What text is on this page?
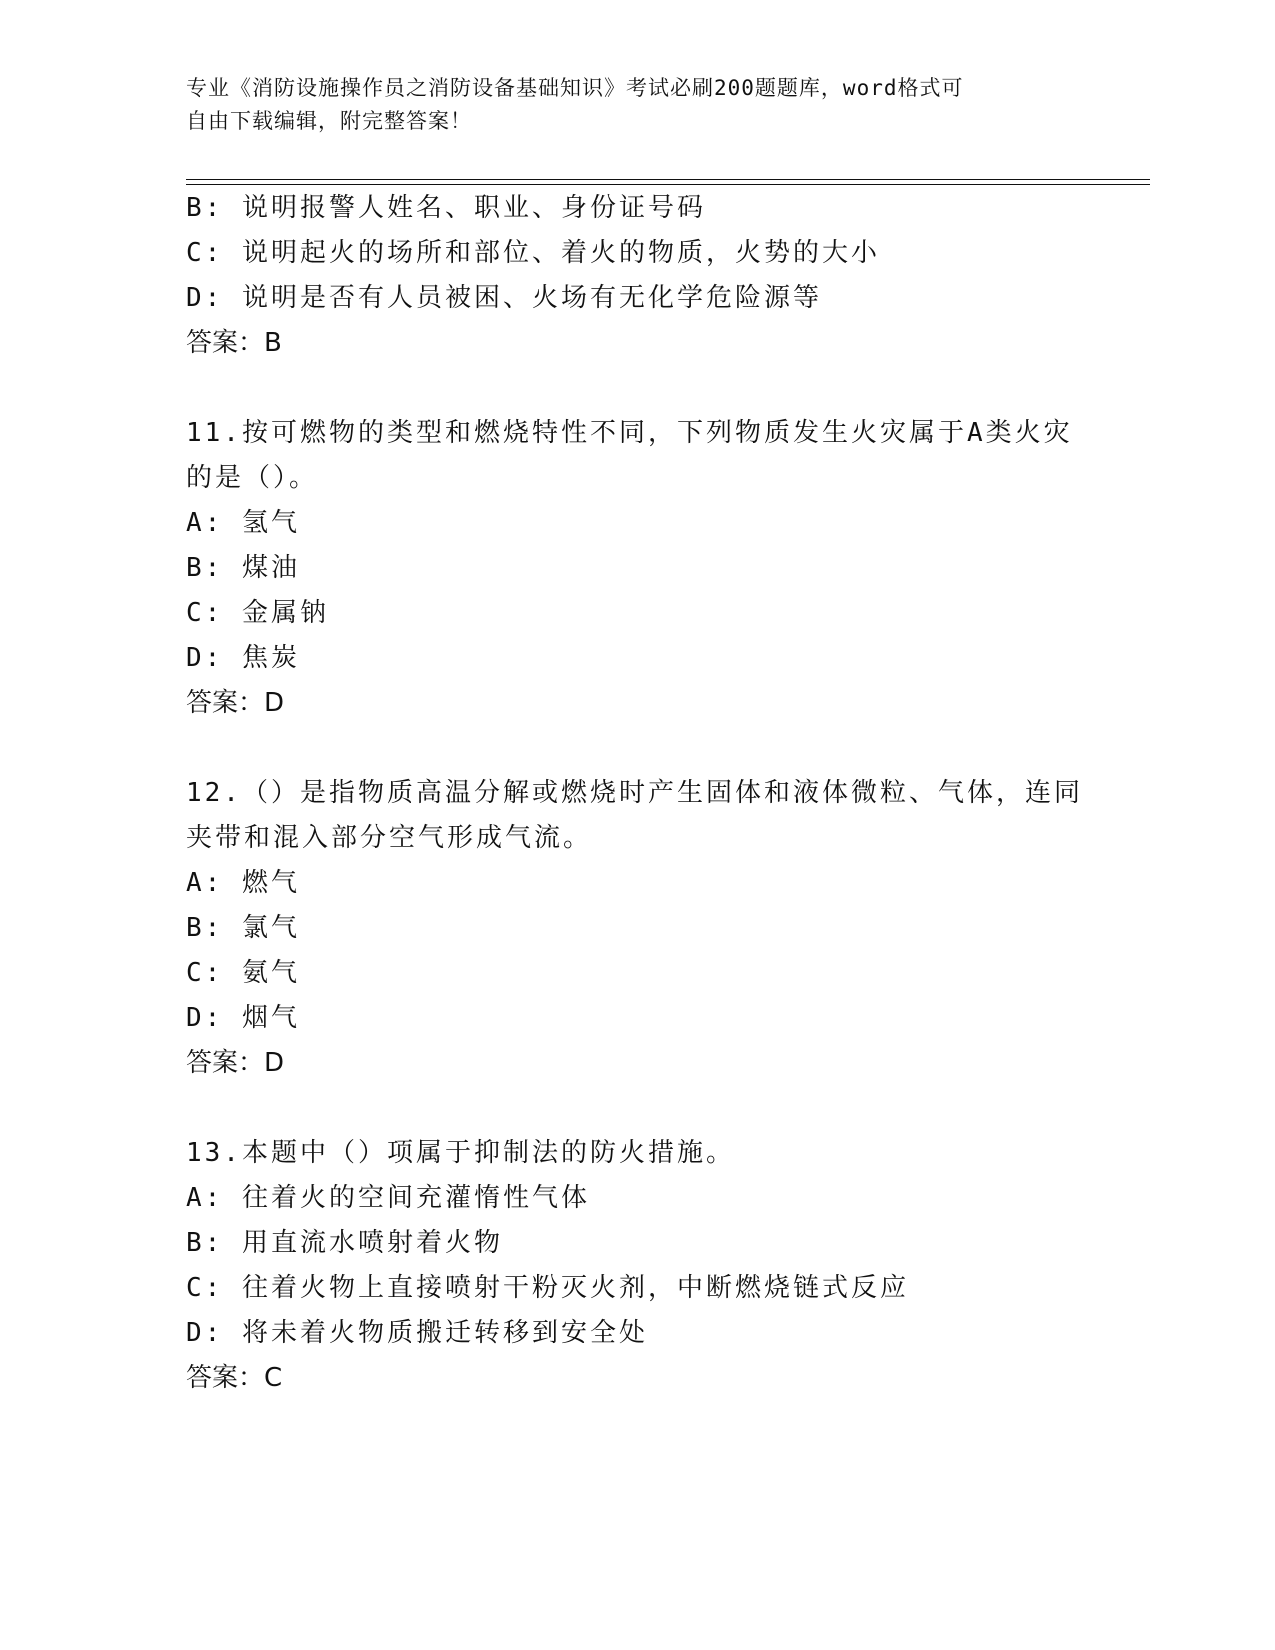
专业《消防设施操作员之消防设备基础知识》考试必刷200题题库，word格式可
自由下载编辑，附完整答案！
B: 说明报警人姓名、职业、身份证号码
C: 说明起火的场所和部位、着火的物质，火势的大小
D: 说明是否有人员被困、火场有无化学危险源等
答案：B
11.按可燃物的类型和燃烧特性不同，下列物质发生火灾属于A类火灾
的是（）。
A: 氢气
B: 煤油
C: 金属钠
D: 焦炭
答案：D
12.（）是指物质高温分解或燃烧时产生固体和液体微粒、气体，连同
夹带和混入部分空气形成气流。
A: 燃气
B: 氯气
C: 氨气
D: 烟气
答案：D
13.本题中（）项属于抑制法的防火措施。
A: 往着火的空间充灌惰性气体
B: 用直流水喷射着火物
C: 往着火物上直接喷射干粉灭火剂，中断燃烧链式反应
D: 将未着火物质搬迁转移到安全处
答案：C
